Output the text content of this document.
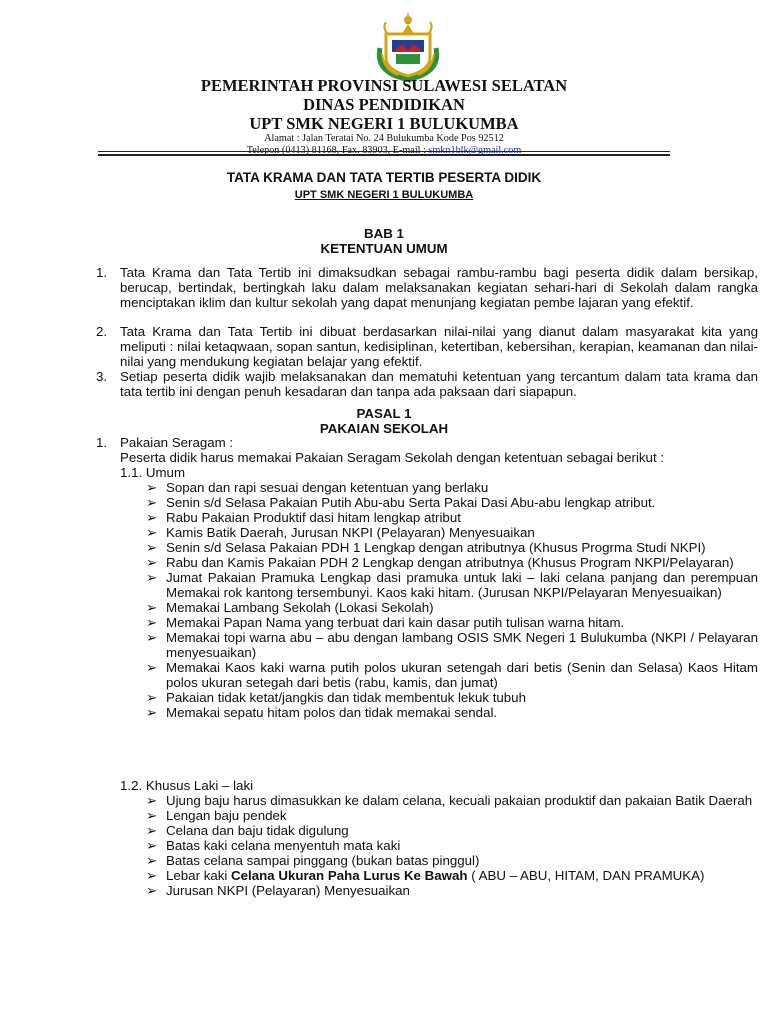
PEMERINTAH PROVINSI SULAWESI SELATAN
DINAS PENDIDIKAN
UPT SMK NEGERI 1 BULUKUMBA
Alamat : Jalan Teratai No. 24 Bulukumba Kode Pos 92512
Telepon (0413) 81168, Fax. 83903, E-mail : smkn1blk@gmail.com
TATA KRAMA DAN TATA TERTIB PESERTA DIDIK
UPT SMK NEGERI 1 BULUKUMBA
BAB 1
KETENTUAN UMUM
1. Tata Krama dan Tata Tertib ini dimaksudkan sebagai rambu-rambu bagi peserta didik dalam bersikap, berucap, bertindak, bertingkah laku dalam melaksanakan kegiatan sehari-hari di Sekolah dalam rangka menciptakan iklim dan kultur sekolah yang dapat menunjang kegiatan pembe lajaran yang efektif.
2. Tata Krama dan Tata Tertib ini dibuat berdasarkan nilai-nilai yang dianut dalam masyarakat kita yang meliputi : nilai ketaqwaan, sopan santun, kedisiplinan, ketertiban, kebersihan, kerapian, keamanan dan nilai-nilai yang mendukung kegiatan belajar yang efektif.
3. Setiap peserta didik wajib melaksanakan dan mematuhi ketentuan yang tercantum dalam tata krama dan tata tertib ini dengan penuh kesadaran dan tanpa ada paksaan dari siapapun.
PASAL 1
PAKAIAN SEKOLAH
1. Pakaian Seragam :
Peserta didik harus memakai Pakaian Seragam Sekolah dengan ketentuan sebagai berikut :
1.1. Umum
➢ Sopan dan rapi sesuai dengan ketentuan yang berlaku
➢ Senin s/d Selasa Pakaian Putih Abu-abu Serta Pakai Dasi Abu-abu lengkap atribut.
➢ Rabu Pakaian Produktif dasi hitam lengkap atribut
➢ Kamis Batik Daerah, Jurusan NKPI (Pelayaran) Menyesuaikan
➢ Senin s/d Selasa Pakaian PDH 1 Lengkap dengan atributnya (Khusus Progrma Studi NKPI)
➢ Rabu dan Kamis Pakaian PDH 2 Lengkap dengan atributnya (Khusus Program NKPI/Pelayaran)
➢ Jumat Pakaian Pramuka Lengkap dasi pramuka untuk laki – laki celana panjang dan perempuan Memakai rok kantong tersembunyi. Kaos kaki hitam. (Jurusan NKPI/Pelayaran Menyesuaikan)
➢ Memakai Lambang Sekolah (Lokasi Sekolah)
➢ Memakai Papan Nama yang terbuat dari kain dasar putih tulisan warna hitam.
➢ Memakai topi warna abu – abu dengan lambang OSIS SMK Negeri 1 Bulukumba (NKPI / Pelayaran menyesuaikan)
➢ Memakai Kaos kaki warna putih polos ukuran setengah dari betis (Senin dan Selasa) Kaos Hitam polos ukuran setegah dari betis (rabu, kamis, dan jumat)
➢ Pakaian tidak ketat/jangkis dan tidak membentuk lekuk tubuh
➢ Memakai sepatu hitam polos dan tidak memakai sendal.
1.2. Khusus Laki – laki
➢ Ujung baju harus dimasukkan ke dalam celana, kecuali pakaian produktif dan pakaian Batik Daerah
➢ Lengan baju pendek
➢ Celana dan baju tidak digulung
➢ Batas kaki celana menyentuh mata kaki
➢ Batas celana sampai pinggang (bukan batas pinggul)
➢ Lebar kaki Celana Ukuran Paha Lurus Ke Bawah ( ABU – ABU, HITAM, DAN PRAMUKA)
➢ Jurusan NKPI (Pelayaran) Menyesuaikan
